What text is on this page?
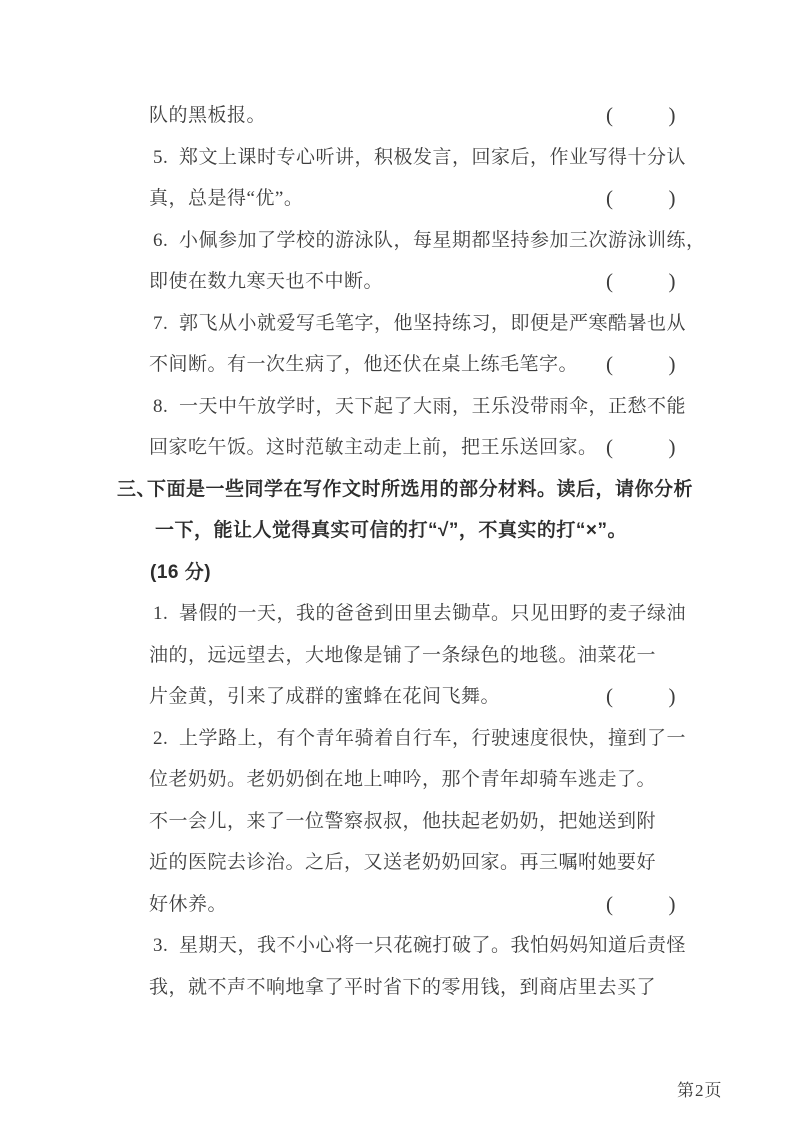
队的黑板报。	(	)
5. 郑文上课时专心听讲，积极发言，回家后，作业写得十分认
真，总是得“优”。	(	)
6. 小佩参加了学校的游泳队，每星期都坚持参加三次游泳训练，
即使在数九寒天也不中断。	(	)
7. 郭飞从小就爱写毛笔字，他坚持练习，即便是严寒酷暑也从
不间断。有一次生病了，他还伏在桌上练毛笔字。 (	)
8. 一天中午放学时，天下起了大雨，王乐没带雨伞，正愁不能
回家吃午饭。这时范敏主动走上前，把王乐送回家。 (	)
三、下面是一些同学在写作文时所选用的部分材料。读后，请你分析
一下，能让人觉得真实可信的打“√”，不真实的打“×”。
(16 分)
1. 暑假的一天，我的爸爸到田里去锄草。只见田野的麦子绿油
油的，远远望去，大地像是铺了一条绿色的地毯。油菜花一
片金黄，引来了成群的蜜蜂在花间飞舞。	(	)
2. 上学路上，有个青年骑着自行车，行驶速度很快，撞到了一
位老奶奶。老奶奶倒在地上呻吟，那个青年却骑车逃走了。
不一会儿，来了一位警察叔叔，他扶起老奶奶，把她送到附
近的医院去诊治。之后，又送老奶奶回家。再三嘱咐她要好
好休养。	(	)
3. 星期天，我不小心将一只花碗打破了。我怕妈妈知道后责怪
我，就不声不响地拿了平时省下的零用钱，到商店里去买了
第2页
